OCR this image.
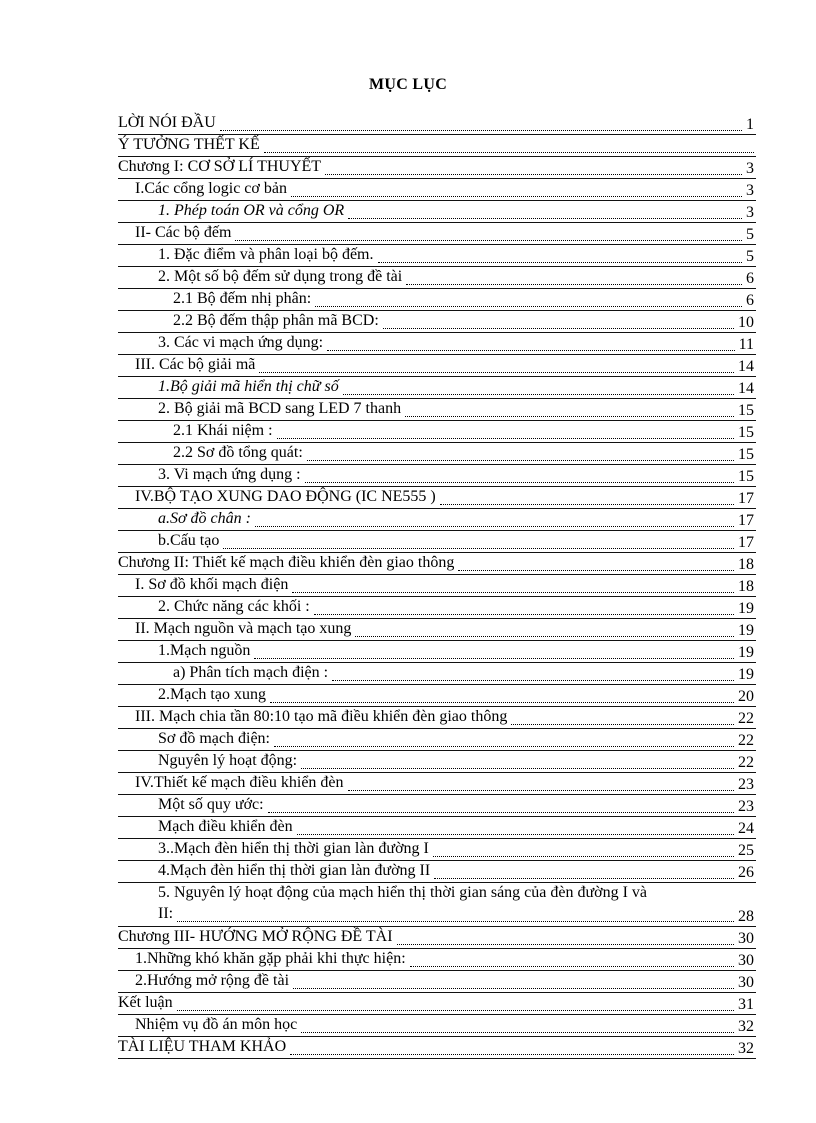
MỤC LỤC
LỜI NÓI ĐẦU	1
Ý TƯỞNG THẾT KẾ
Chương I: CƠ SỞ LÍ THUYẾT	3
I.Các cổng logic cơ bản	3
1. Phép toán OR và cổng OR	3
II- Các bộ đếm	5
1. Đặc điểm và phân loại bộ đếm.	5
2. Một số bộ đếm sử dụng trong đề tài	6
2.1 Bộ đếm nhị phân:	6
2.2 Bộ đếm thập phân mã BCD:	10
3. Các vi mạch ứng dụng:	11
III. Các bộ giải mã	14
1.Bộ giải mã hiển thị chữ số	14
2. Bộ giải mã BCD sang LED 7 thanh	15
2.1 Khái niệm :	15
2.2 Sơ đồ tổng quát:	15
3. Vi mạch ứng dụng :	15
IV.BỘ TẠO XUNG DAO ĐỘNG (IC NE555 )	17
a.Sơ đồ chân :	17
b.Cấu tạo	17
Chương II: Thiết kế mạch điều khiển đèn giao thông	18
I. Sơ đồ khối mạch điện	18
2. Chức năng các khối :	19
II. Mạch nguồn và mạch tạo xung	19
1.Mạch nguồn	19
a) Phân tích mạch điện :	19
2.Mạch tạo xung	20
III. Mạch chia tần 80:10 tạo mã điều khiển đèn giao thông	22
Sơ đồ mạch điện:	22
Nguyên lý hoạt động:	22
IV.Thiết kế mạch điều khiển đèn	23
Một số quy ước:	23
Mạch điều khiển đèn	24
3..Mạch đèn hiển thị thời gian làn đường I	25
4.Mạch đèn hiển thị thời gian làn đường II	26
5. Nguyên lý hoạt động của mạch hiển thị thời gian sáng của đèn đường I và
II:	28
Chương III- HƯỚNG MỞ RỘNG ĐỀ TÀI	30
1.Những khó khăn gặp phải khi thực hiện:	30
2.Hướng mở rộng đề tài	30
Kết luận	31
Nhiệm vụ đồ án môn học	32
TÀI LIỆU THAM KHẢO	32
